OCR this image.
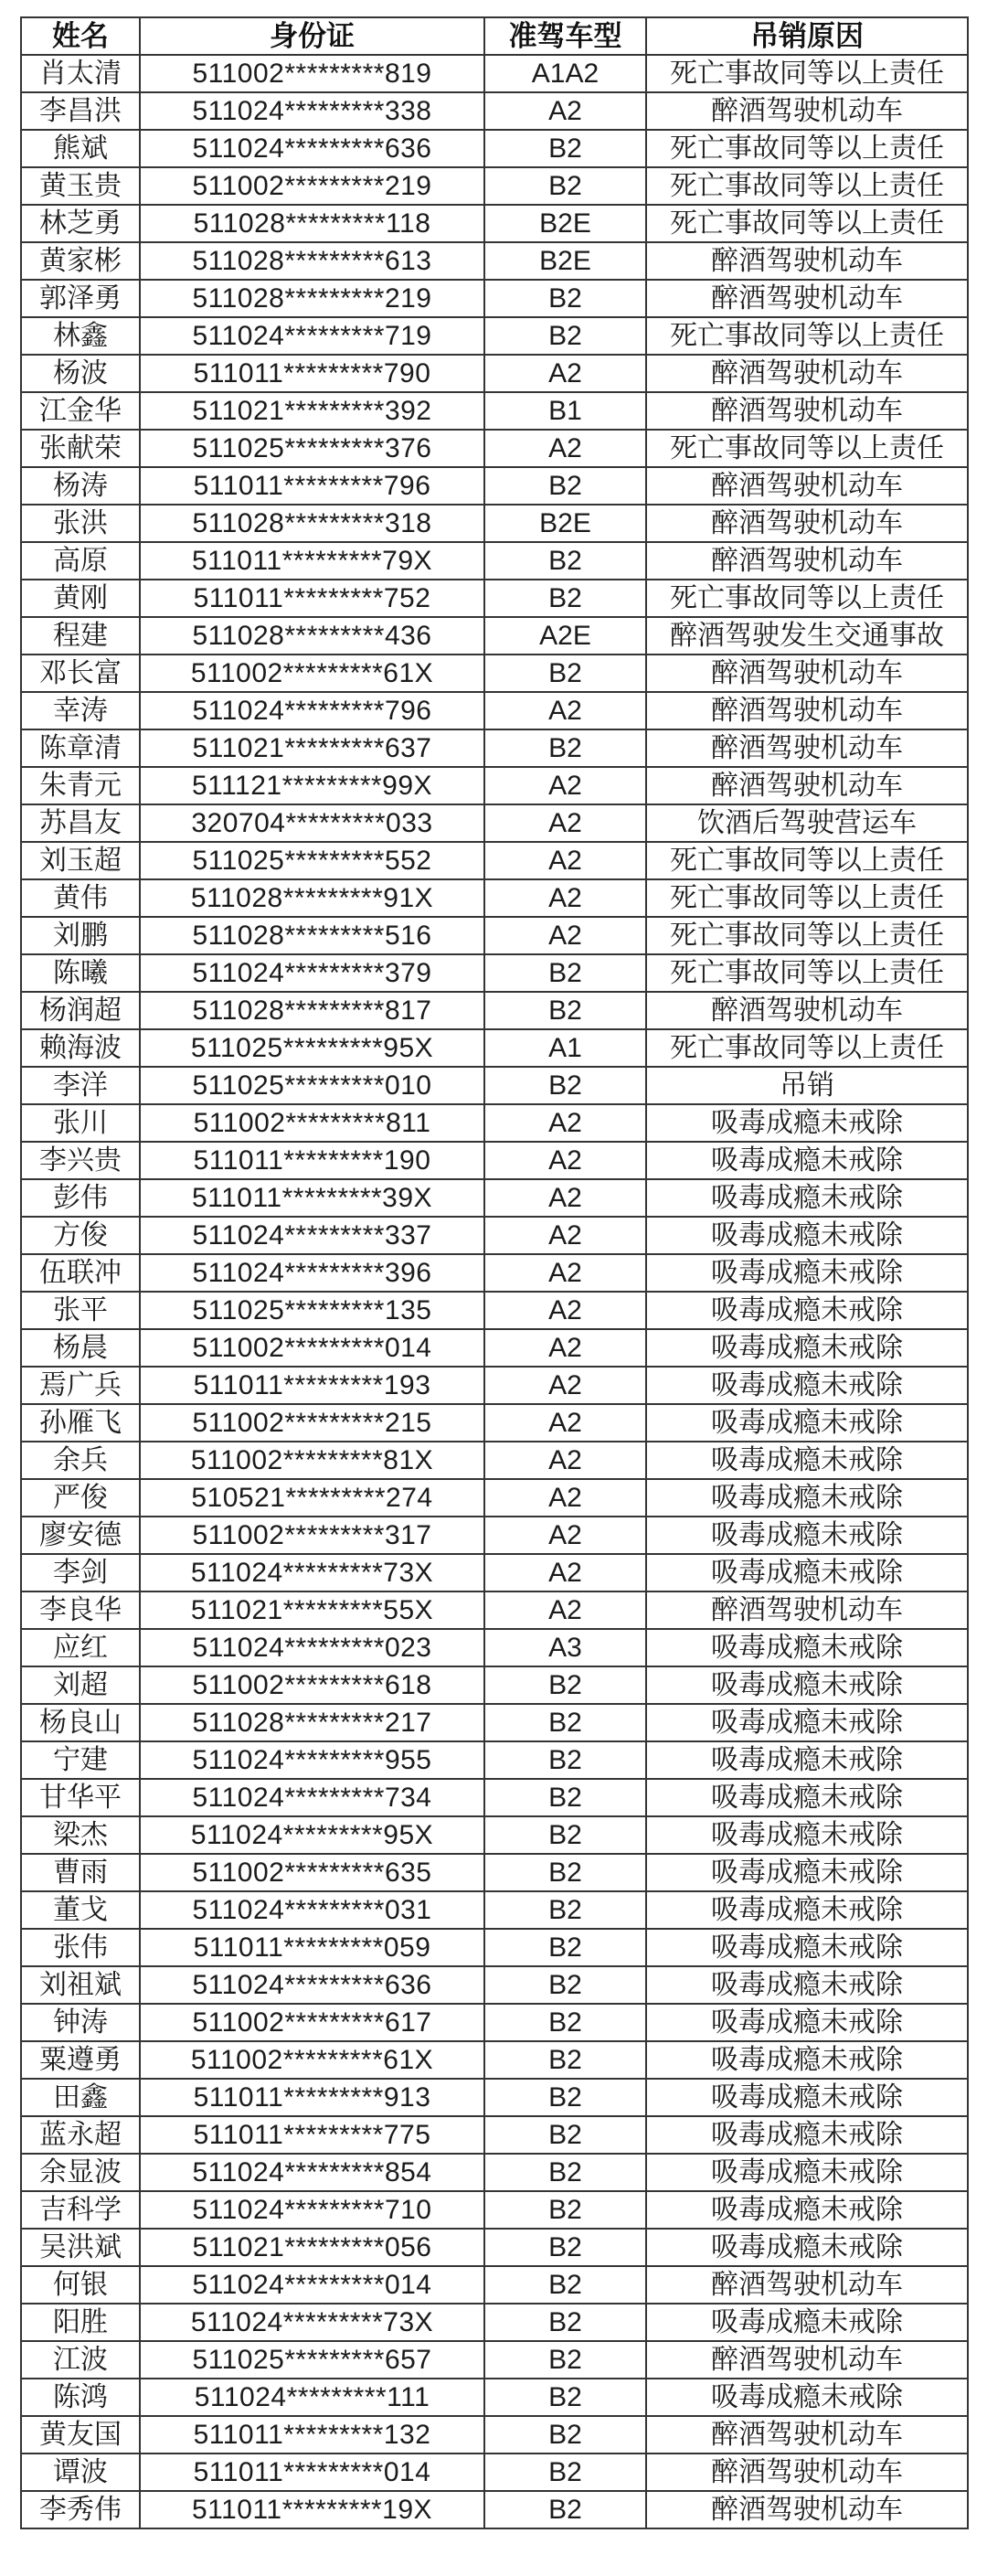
姓名	身份证	准驾车型	吊销原因
肖太清	511002*********819	A1A2	死亡事故同等以上责任
李昌洪	511024*********338	A2	醉酒驾驶机动车
熊斌	511024*********636	B2	死亡事故同等以上责任
黄玉贵	511002*********219	B2	死亡事故同等以上责任
林芝勇	511028*********118	B2E	死亡事故同等以上责任
黄家彬	511028*********613	B2E	醉酒驾驶机动车
郭泽勇	511028*********219	B2	醉酒驾驶机动车
林鑫	511024*********719	B2	死亡事故同等以上责任
杨波	511011*********790	A2	醉酒驾驶机动车
江金华	511021*********392	B1	醉酒驾驶机动车
张献荣	511025*********376	A2	死亡事故同等以上责任
杨涛	511011*********796	B2	醉酒驾驶机动车
张洪	511028*********318	B2E	醉酒驾驶机动车
高原	511011*********79X	B2	醉酒驾驶机动车
黄刚	511011*********752	B2	死亡事故同等以上责任
程建	511028*********436	A2E	醉酒驾驶发生交通事故
邓长富	511002*********61X	B2	醉酒驾驶机动车
幸涛	511024*********796	A2	醉酒驾驶机动车
陈章清	511021*********637	B2	醉酒驾驶机动车
朱青元	511121*********99X	A2	醉酒驾驶机动车
苏昌友	320704*********033	A2	饮酒后驾驶营运车
刘玉超	511025*********552	A2	死亡事故同等以上责任
黄伟	511028*********91X	A2	死亡事故同等以上责任
刘鹏	511028*********516	A2	死亡事故同等以上责任
陈曦	511024*********379	B2	死亡事故同等以上责任
杨润超	511028*********817	B2	醉酒驾驶机动车
赖海波	511025*********95X	A1	死亡事故同等以上责任
李洋	511025*********010	B2	吊销
张川	511002*********811	A2	吸毒成瘾未戒除
李兴贵	511011*********190	A2	吸毒成瘾未戒除
彭伟	511011*********39X	A2	吸毒成瘾未戒除
方俊	511024*********337	A2	吸毒成瘾未戒除
伍联冲	511024*********396	A2	吸毒成瘾未戒除
张平	511025*********135	A2	吸毒成瘾未戒除
杨晨	511002*********014	A2	吸毒成瘾未戒除
焉广兵	511011*********193	A2	吸毒成瘾未戒除
孙雁飞	511002*********215	A2	吸毒成瘾未戒除
余兵	511002*********81X	A2	吸毒成瘾未戒除
严俊	510521*********274	A2	吸毒成瘾未戒除
廖安德	511002*********317	A2	吸毒成瘾未戒除
李剑	511024*********73X	A2	吸毒成瘾未戒除
李良华	511021*********55X	A2	醉酒驾驶机动车
应红	511024*********023	A3	吸毒成瘾未戒除
刘超	511002*********618	B2	吸毒成瘾未戒除
杨良山	511028*********217	B2	吸毒成瘾未戒除
宁建	511024*********955	B2	吸毒成瘾未戒除
甘华平	511024*********734	B2	吸毒成瘾未戒除
梁杰	511024*********95X	B2	吸毒成瘾未戒除
曹雨	511002*********635	B2	吸毒成瘾未戒除
董戈	511024*********031	B2	吸毒成瘾未戒除
张伟	511011*********059	B2	吸毒成瘾未戒除
刘祖斌	511024*********636	B2	吸毒成瘾未戒除
钟涛	511002*********617	B2	吸毒成瘾未戒除
粟遵勇	511002*********61X	B2	吸毒成瘾未戒除
田鑫	511011*********913	B2	吸毒成瘾未戒除
蓝永超	511011*********775	B2	吸毒成瘾未戒除
余显波	511024*********854	B2	吸毒成瘾未戒除
吉科学	511024*********710	B2	吸毒成瘾未戒除
吴洪斌	511021*********056	B2	吸毒成瘾未戒除
何银	511024*********014	B2	醉酒驾驶机动车
阳胜	511024*********73X	B2	吸毒成瘾未戒除
江波	511025*********657	B2	醉酒驾驶机动车
陈鸿	511024*********111	B2	吸毒成瘾未戒除
黄友国	511011*********132	B2	醉酒驾驶机动车
谭波	511011*********014	B2	醉酒驾驶机动车
李秀伟	511011*********19X	B2	醉酒驾驶机动车
